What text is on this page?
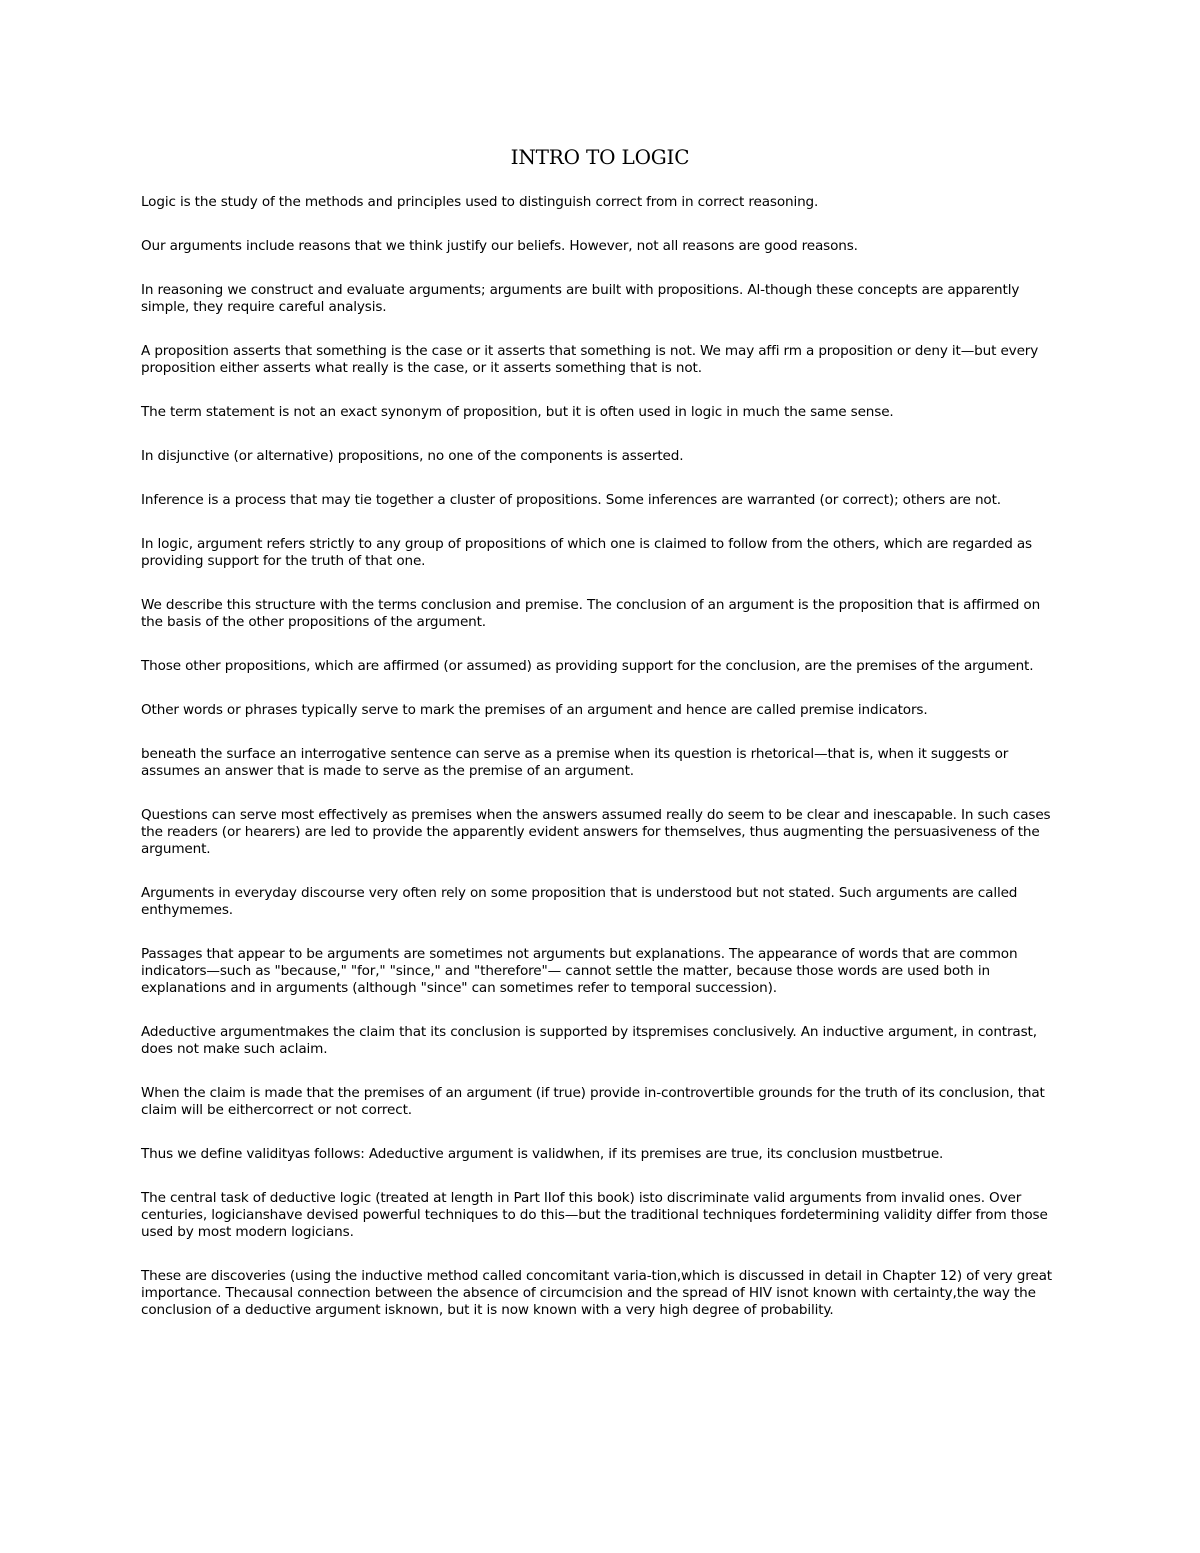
INTRO TO LOGIC

Logic is the study of the methods and principles used to distinguish correct from in correct reasoning.

Our arguments include reasons that we think justify our beliefs. However, not all reasons are good reasons.

In reasoning we construct and evaluate arguments; arguments are built with propositions. Al-though these concepts are apparently simple, they require careful analysis.

A proposition asserts that something is the case or it asserts that something is not. We may affi rm a proposition or deny it—but every proposition either asserts what really is the case, or it asserts something that is not.

The term statement is not an exact synonym of proposition, but it is often used in logic in much the same sense.

In disjunctive (or alternative) propositions, no one of the components is asserted.

Inference is a process that may tie together a cluster of propositions. Some inferences are warranted (or correct); others are not.

In logic, argument refers strictly to any group of propositions of which one is claimed to follow from the others, which are regarded as providing support for the truth of that one.

We describe this structure with the terms conclusion and premise. The conclusion of an argument is the proposition that is affirmed on the basis of the other propositions of the argument.

Those other propositions, which are affirmed (or assumed) as providing support for the conclusion, are the premises of the argument.

Other words or phrases typically serve to mark the premises of an argument and hence are called premise indicators.

beneath the surface an interrogative sentence can serve as a premise when its question is rhetorical—that is, when it suggests or assumes an answer that is made to serve as the premise of an argument.

Questions can serve most effectively as premises when the answers assumed really do seem to be clear and inescapable. In such cases the readers (or hearers) are led to provide the apparently evident answers for themselves, thus augmenting the persuasiveness of the argument.

Arguments in everyday discourse very often rely on some proposition that is understood but not stated. Such arguments are called enthymemes.

Passages that appear to be arguments are sometimes not arguments but explanations. The appearance of words that are common indicators—such as "because," "for," "since," and "therefore"— cannot settle the matter, because those words are used both in explanations and in arguments (although "since" can sometimes refer to temporal succession).

Adeductive argumentmakes the claim that its conclusion is supported by itspremises conclusively. An inductive argument, in contrast, does not make such aclaim.

When the claim is made that the premises of an argument (if true) provide in-controvertible grounds for the truth of its conclusion, that claim will be eithercorrect or not correct.

Thus we define validityas follows: Adeductive argument is validwhen, if its premises are true, its conclusion mustbetrue.

The central task of deductive logic (treated at length in Part IIof this book) isto discriminate valid arguments from invalid ones. Over centuries, logicianshave devised powerful techniques to do this—but the traditional techniques fordetermining validity differ from those used by most modern logicians.

These are discoveries (using the inductive method called concomitant varia-tion,which is discussed in detail in Chapter 12) of very great importance. Thecausal connection between the absence of circumcision and the spread of HIV isnot known with certainty,the way the conclusion of a deductive argument isknown, but it is now known with a very high degree of probability.
